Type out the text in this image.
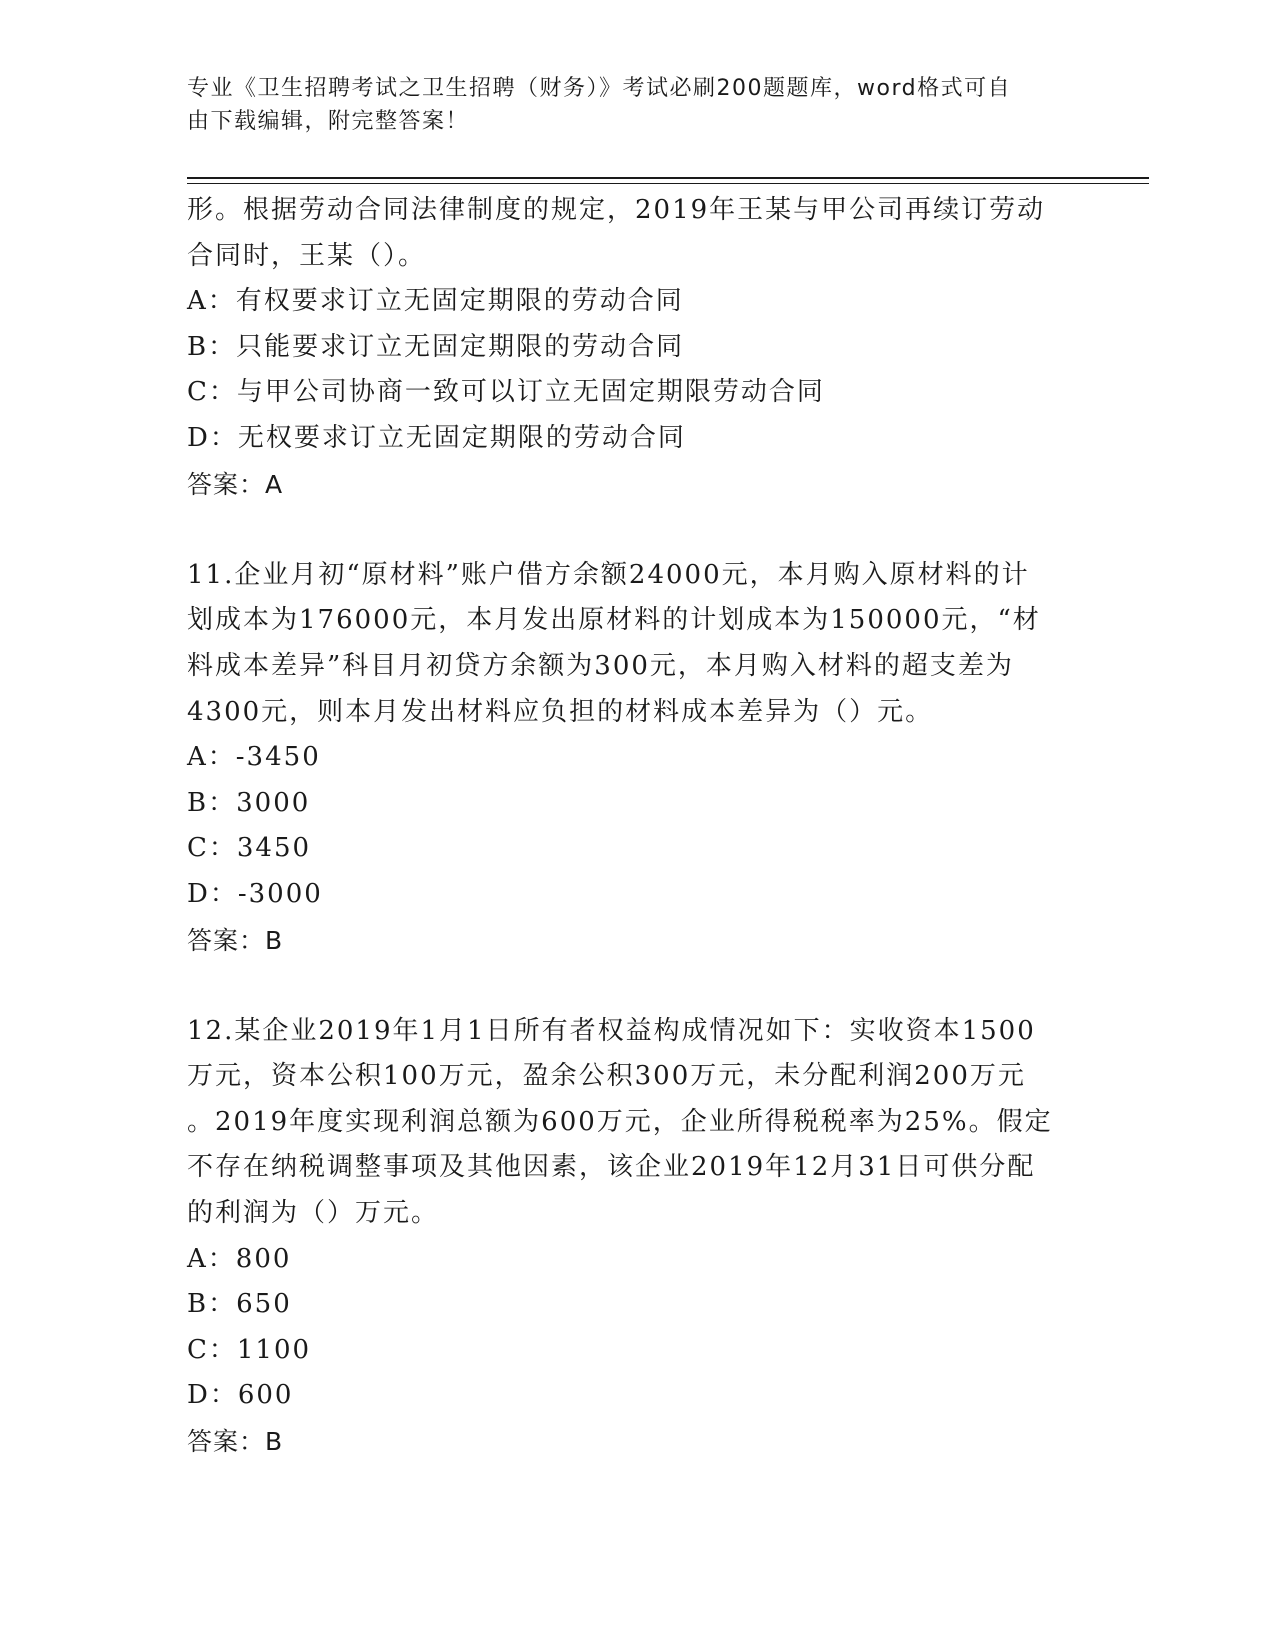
专业《卫生招聘考试之卫生招聘（财务）》考试必刷200题题库，word格式可自
由下载编辑，附完整答案！
形。根据劳动合同法律制度的规定，2019年王某与甲公司再续订劳动
合同时，王某（）。
A：有权要求订立无固定期限的劳动合同
B：只能要求订立无固定期限的劳动合同
C：与甲公司协商一致可以订立无固定期限劳动合同
D：无权要求订立无固定期限的劳动合同
答案：A
11.企业月初“原材料”账户借方余额24000元，本月购入原材料的计
划成本为176000元，本月发出原材料的计划成本为150000元，“材
料成本差异”科目月初贷方余额为300元，本月购入材料的超支差为
4300元，则本月发出材料应负担的材料成本差异为（）元。
A：-3450
B：3000
C：3450
D：-3000
答案：B
12.某企业2019年1月1日所有者权益构成情况如下：实收资本1500
万元，资本公积100万元，盈余公积300万元，未分配利润200万元
。2019年度实现利润总额为600万元，企业所得税税率为25%。假定
不存在纳税调整事项及其他因素，该企业2019年12月31日可供分配
的利润为（）万元。
A：800
B：650
C：1100
D：600
答案：B
